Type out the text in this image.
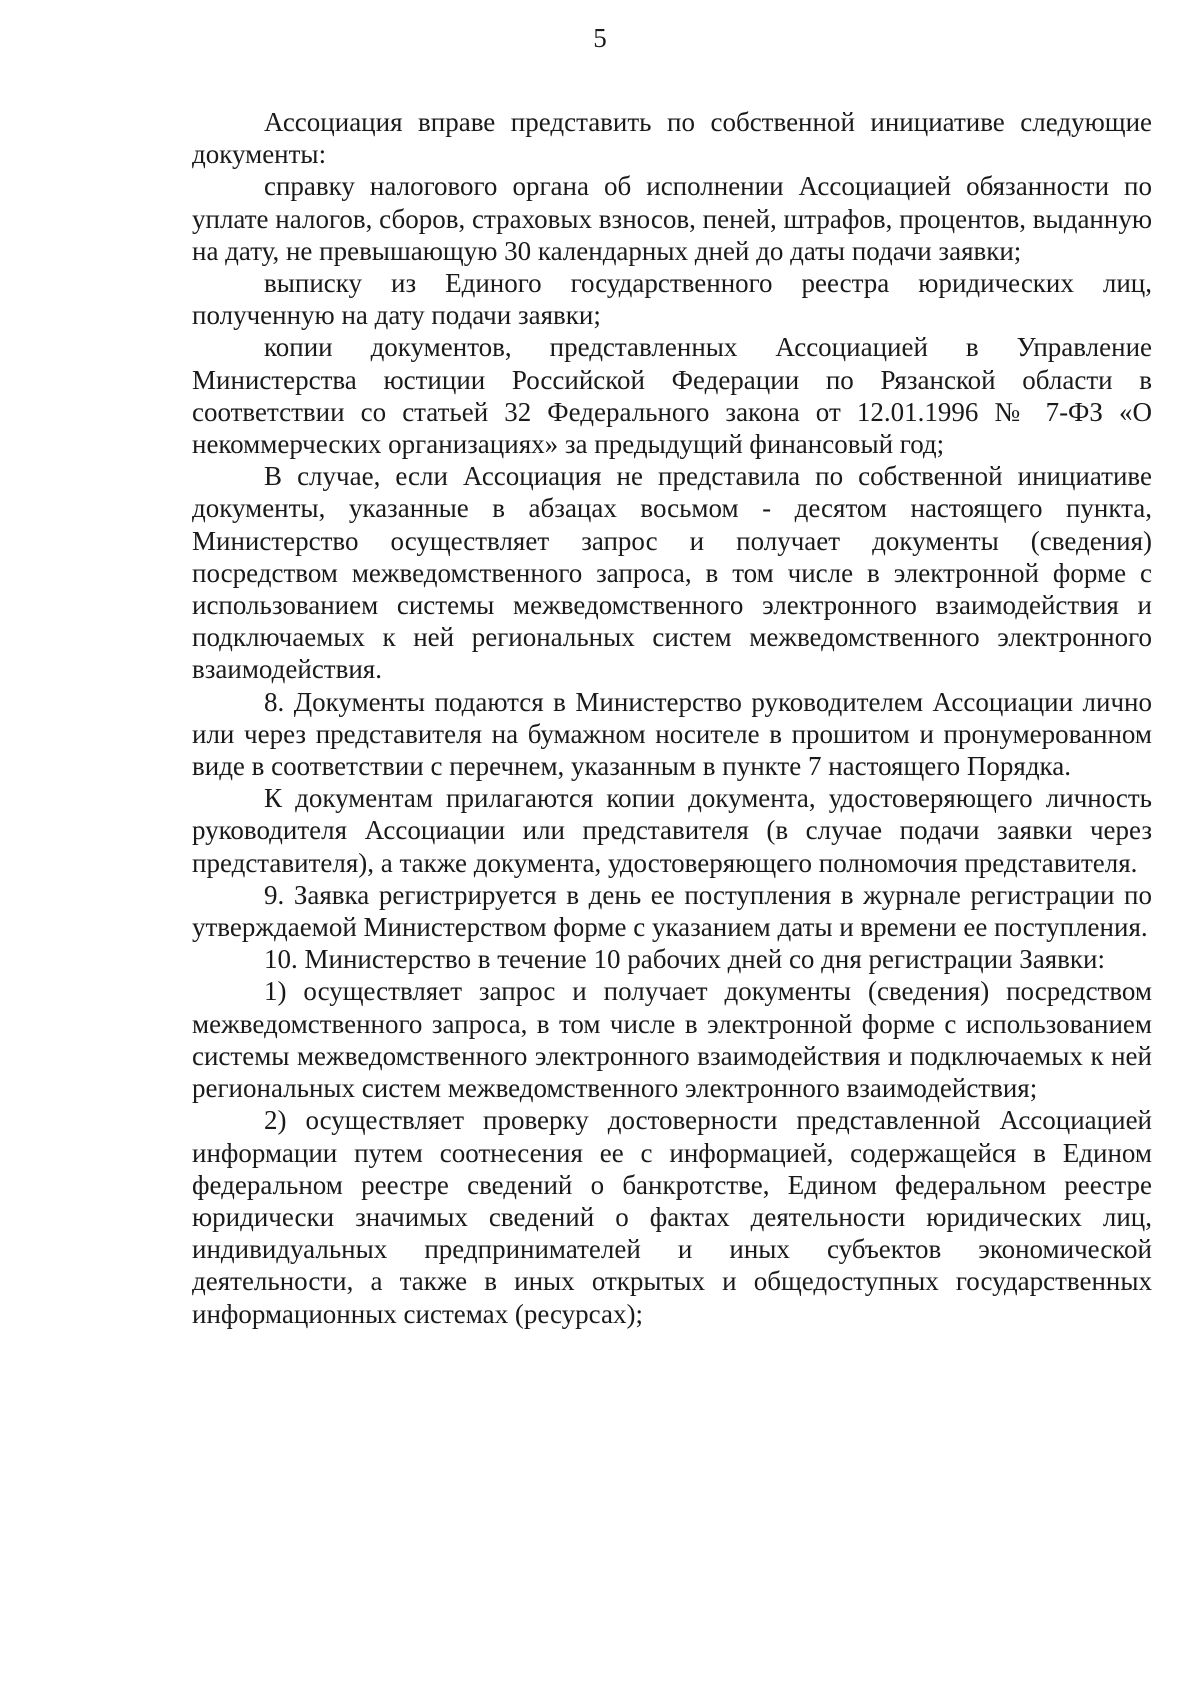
5

Ассоциация вправе представить по собственной инициативе следующие документы:

справку налогового органа об исполнении Ассоциацией обязанности по уплате налогов, сборов, страховых взносов, пеней, штрафов, процентов, выданную на дату, не превышающую 30 календарных дней до даты подачи заявки;

выписку из Единого государственного реестра юридических лиц, полученную на дату подачи заявки;

копии документов, представленных Ассоциацией в Управление Министерства юстиции Российской Федерации по Рязанской области в соответствии со статьей 32 Федерального закона от 12.01.1996 № 7-ФЗ «О некоммерческих организациях» за предыдущий финансовый год;

В случае, если Ассоциация не представила по собственной инициативе документы, указанные в абзацах восьмом - десятом настоящего пункта, Министерство осуществляет запрос и получает документы (сведения) посредством межведомственного запроса, в том числе в электронной форме с использованием системы межведомственного электронного взаимодействия и подключаемых к ней региональных систем межведомственного электронного взаимодействия.

8. Документы подаются в Министерство руководителем Ассоциации лично или через представителя на бумажном носителе в прошитом и пронумерованном виде в соответствии с перечнем, указанным в пункте 7 настоящего Порядка.

К документам прилагаются копии документа, удостоверяющего личность руководителя Ассоциации или представителя (в случае подачи заявки через представителя), а также документа, удостоверяющего полномочия представителя.

9. Заявка регистрируется в день ее поступления в журнале регистрации по утверждаемой Министерством форме с указанием даты и времени ее поступления.

10. Министерство в течение 10 рабочих дней со дня регистрации Заявки:

1) осуществляет запрос и получает документы (сведения) посредством межведомственного запроса, в том числе в электронной форме с использованием системы межведомственного электронного взаимодействия и подключаемых к ней региональных систем межведомственного электронного взаимодействия;

2) осуществляет проверку достоверности представленной Ассоциацией информации путем соотнесения ее с информацией, содержащейся в Едином федеральном реестре сведений о банкротстве, Едином федеральном реестре юридически значимых сведений о фактах деятельности юридических лиц, индивидуальных предпринимателей и иных субъектов экономической деятельности, а также в иных открытых и общедоступных государственных информационных системах (ресурсах);
